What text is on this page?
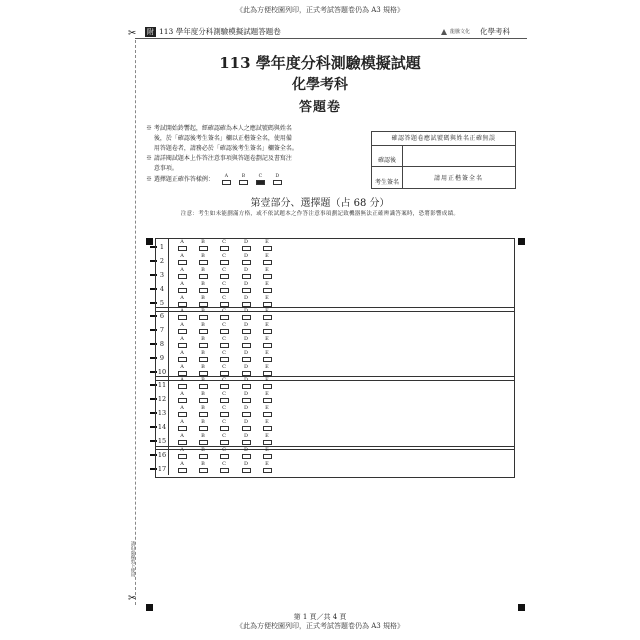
《此為方便校園列印，正式考試答題卷仍為 A3 規格》
附 113 學年度分科測驗模擬試題答題卷	龍騰文化 化學考科
113 學年度分科測驗模擬試題
化學考科
答題卷
※ 考試開始鈴響起，經確認確為本人之應試號碼與姓名
　 後，於「確認後考生簽名」欄以正楷簽全名，使用備
　 用答題卷者，請務必於「確認後考生簽名」欄簽全名。
※ 請詳閱試題本上作答注意事項與答題卷劃記及書寫注
　 意事項。
※ 選擇題正確作答樣例： A	B	C	D
確認答題卷應試號碼與姓名正確無誤
確認後
考生簽名
請用正楷簽全名
第壹部分、選擇題（占 68 分）
注意：考生如未能劃滿方格，或不依試題本之作答注意事項劃記致機器無法正確辨識答案時，恐將影響成績。
請沿虛線剪下使用
✂
✂
1
A	B	C	D	E
2
A	B	C	D	E
3
A	B	C	D	E
4
A	B	C	D	E
5
A	B	C	D	E
6
A	B	C	D	E
7
A	B	C	D	E
8
A	B	C	D	E
9
A	B	C	D	E
10
A	B	C	D	E
11
A	B	C	D	E
12
A	B	C	D	E
13
A	B	C	D	E
14
A	B	C	D	E
15
A	B	C	D	E
16
A	B	C	D	E
17
A	B	C	D	E
第 1 頁／共 4 頁
《此為方便校園列印，正式考試答題卷仍為 A3 規格》
